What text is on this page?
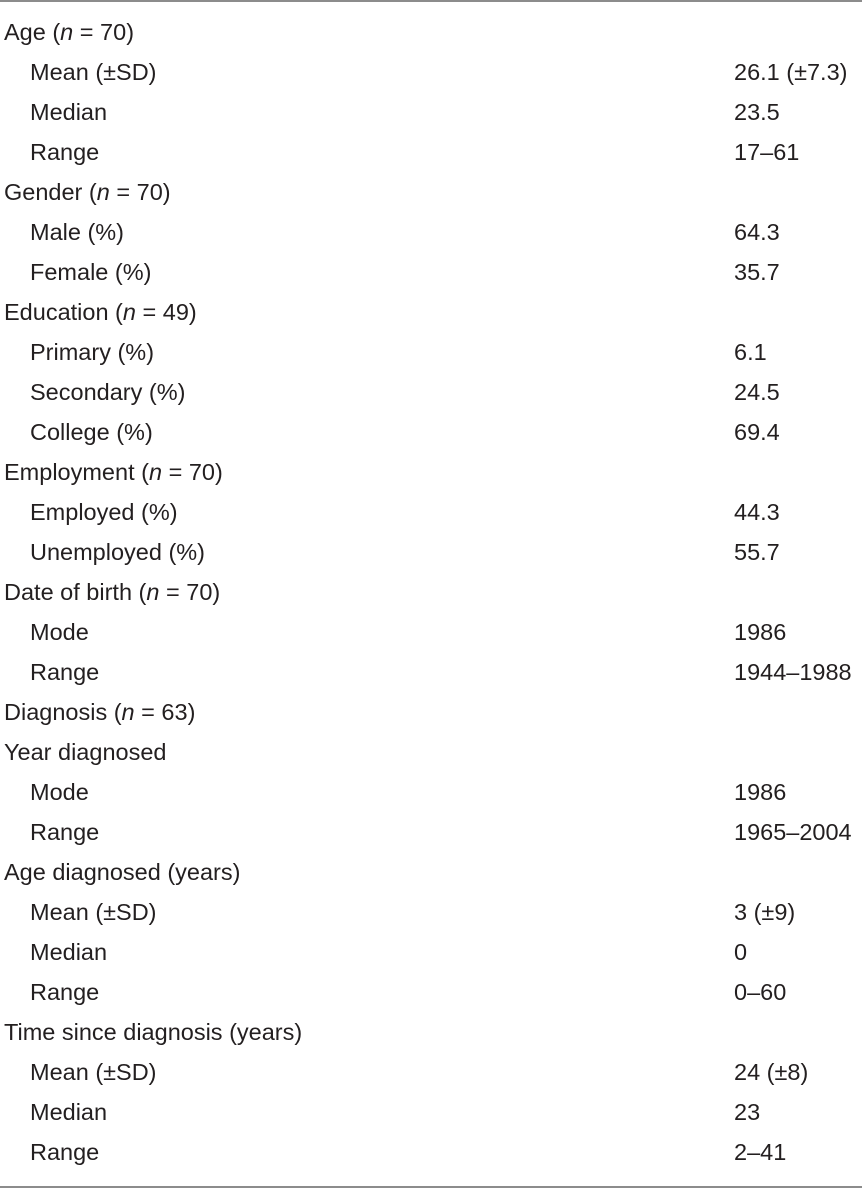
Age (n = 70)
Mean (±SD)	26.1 (±7.3)
Median	23.5
Range	17–61
Gender (n = 70)
Male (%)	64.3
Female (%)	35.7
Education (n = 49)
Primary (%)	6.1
Secondary (%)	24.5
College (%)	69.4
Employment (n = 70)
Employed (%)	44.3
Unemployed (%)	55.7
Date of birth (n = 70)
Mode	1986
Range	1944–1988
Diagnosis (n = 63)
Year diagnosed
Mode	1986
Range	1965–2004
Age diagnosed (years)
Mean (±SD)	3 (±9)
Median	0
Range	0–60
Time since diagnosis (years)
Mean (±SD)	24 (±8)
Median	23
Range	2–41
